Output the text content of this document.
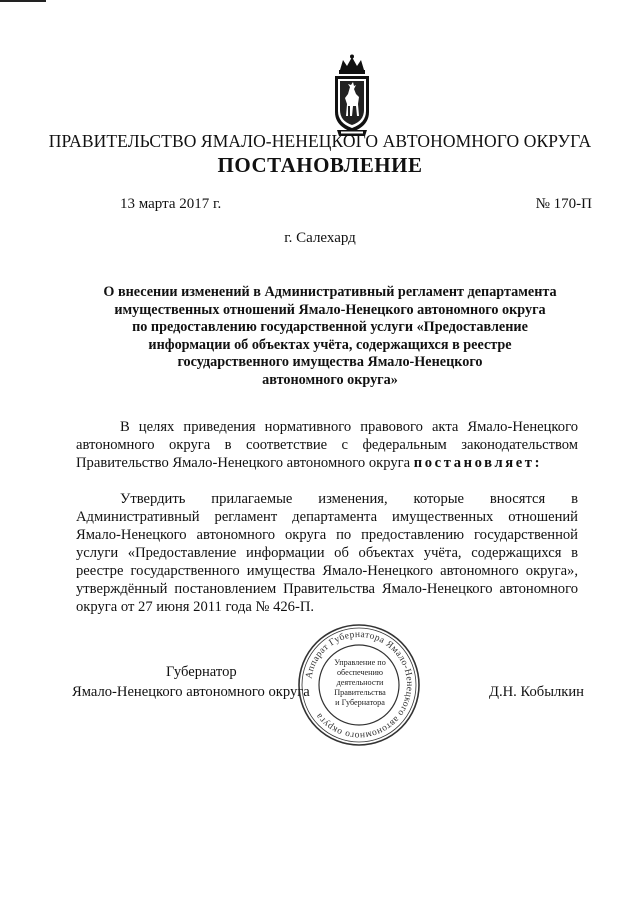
ПРАВИТЕЛЬСТВО ЯМАЛО-НЕНЕЦКОГО АВТОНОМНОГО ОКРУГА
ПОСТАНОВЛЕНИЕ
13 марта 2017 г.	№ 170-П
г. Салехард
О внесении изменений в Административный регламент департамента
имущественных отношений Ямало-Ненецкого автономного округа
по предоставлению государственной услуги «Предоставление
информации об объектах учёта, содержащихся в реестре
государственного имущества Ямало-Ненецкого
автономного округа»
В целях приведения нормативного правового акта Ямало-Ненецкого автономного округа в соответствие с федеральным законодательством Правительство Ямало-Ненецкого автономного округа постановляет:
Утвердить прилагаемые изменения, которые вносятся в Административный регламент департамента имущественных отношений Ямало-Ненецкого автономного округа по предоставлению государственной услуги «Предоставление информации об объектах учёта, содержащихся в реестре государственного имущества Ямало-Ненецкого автономного округа», утверждённый постановлением Правительства Ямало-Ненецкого автономного округа от 27 июня 2011 года № 426-П.
Губернатор
Ямало-Ненецкого автономного округа	Д.Н. Кобылкин
Аппарат Губернатора Ямало-Ненецкого автономного округа
Управление по
обеспечению
деятельности
Правительства
и Губернатора
